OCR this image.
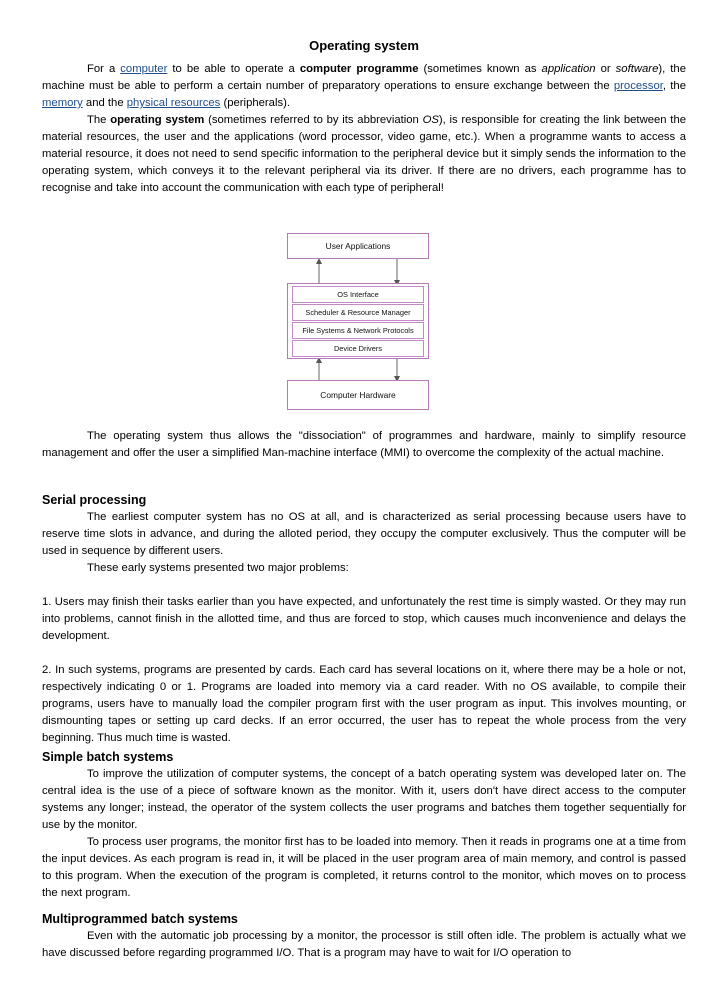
Operating system

For a computer to be able to operate a computer programme (sometimes known as application or software), the machine must be able to perform a certain number of preparatory operations to ensure exchange between the processor, the memory and the physical resources (peripherals).

The operating system (sometimes referred to by its abbreviation OS), is responsible for creating the link between the material resources, the user and the applications (word processor, video game, etc.). When a programme wants to access a material resource, it does not need to send specific information to the peripheral device but it simply sends the information to the operating system, which conveys it to the relevant peripheral via its driver. If there are no drivers, each programme has to recognise and take into account the communication with each type of peripheral!

User Applications
OS Interface
Scheduler & Resource Manager
File Systems & Network Protocols
Device Drivers
Computer Hardware

The operating system thus allows the "dissociation" of programmes and hardware, mainly to simplify resource management and offer the user a simplified Man-machine interface (MMI) to overcome the complexity of the actual machine.

Serial processing

The earliest computer system has no OS at all, and is characterized as serial processing because users have to reserve time slots in advance, and during the alloted period, they occupy the computer exclusively. Thus the computer will be used in sequence by different users.

These early systems presented two major problems:

1. Users may finish their tasks earlier than you have expected, and unfortunately the rest time is simply wasted. Or they may run into problems, cannot finish in the allotted time, and thus are forced to stop, which causes much inconvenience and delays the development.

2. In such systems, programs are presented by cards. Each card has several locations on it, where there may be a hole or not, respectively indicating 0 or 1. Programs are loaded into memory via a card reader. With no OS available, to compile their programs, users have to manually load the compiler program first with the user program as input. This involves mounting, or dismounting tapes or setting up card decks. If an error occurred, the user has to repeat the whole process from the very beginning. Thus much time is wasted.

Simple batch systems

To improve the utilization of computer systems, the concept of a batch operating system was developed later on. The central idea is the use of a piece of software known as the monitor. With it, users don't have direct access to the computer systems any longer; instead, the operator of the system collects the user programs and batches them together sequentially for use by the monitor.

To process user programs, the monitor first has to be loaded into memory. Then it reads in programs one at a time from the input devices. As each program is read in, it will be placed in the user program area of main memory, and control is passed to this program. When the execution of the program is completed, it returns control to the monitor, which moves on to process the next program.

Multiprogrammed batch systems

Even with the automatic job processing by a monitor, the processor is still often idle. The problem is actually what we have discussed before regarding programmed I/O. That is a program may have to wait for I/O operation to
